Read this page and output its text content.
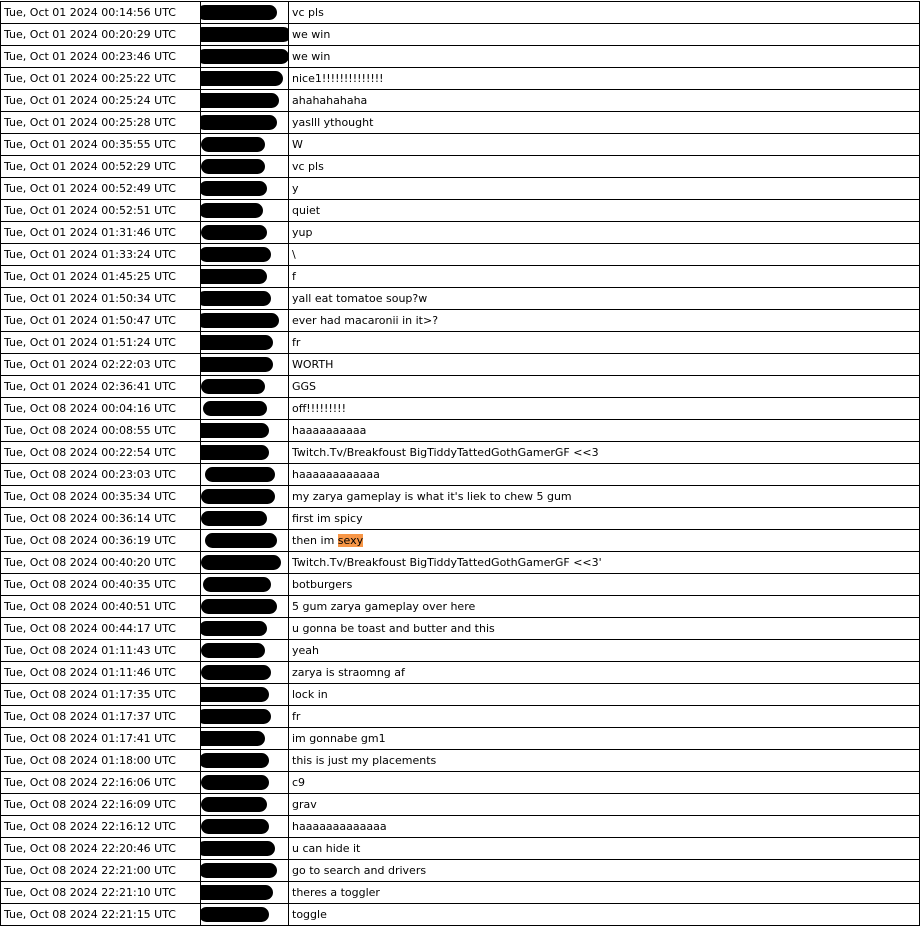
Tue, Oct 01 2024 00:14:56 UTC		vc pls
Tue, Oct 01 2024 00:20:29 UTC		we win
Tue, Oct 01 2024 00:23:46 UTC		we win
Tue, Oct 01 2024 00:25:22 UTC		nice1!!!!!!!!!!!!!!
Tue, Oct 01 2024 00:25:24 UTC		ahahahahaha
Tue, Oct 01 2024 00:25:28 UTC		yaslll ythought
Tue, Oct 01 2024 00:35:55 UTC		W
Tue, Oct 01 2024 00:52:29 UTC		vc pls
Tue, Oct 01 2024 00:52:49 UTC		y
Tue, Oct 01 2024 00:52:51 UTC		quiet
Tue, Oct 01 2024 01:31:46 UTC		yup
Tue, Oct 01 2024 01:33:24 UTC		\
Tue, Oct 01 2024 01:45:25 UTC		f
Tue, Oct 01 2024 01:50:34 UTC		yall eat tomatoe soup?w
Tue, Oct 01 2024 01:50:47 UTC		ever had macaronii in it>?
Tue, Oct 01 2024 01:51:24 UTC		fr
Tue, Oct 01 2024 02:22:03 UTC		WORTH
Tue, Oct 01 2024 02:36:41 UTC		GGS
Tue, Oct 08 2024 00:04:16 UTC		off!!!!!!!!!
Tue, Oct 08 2024 00:08:55 UTC		haaaaaaaaaa
Tue, Oct 08 2024 00:22:54 UTC		Twitch.Tv/Breakfoust BigTiddyTattedGothGamerGF <<3
Tue, Oct 08 2024 00:23:03 UTC		haaaaaaaaaaaa
Tue, Oct 08 2024 00:35:34 UTC		my zarya gameplay is what it's liek to chew 5 gum
Tue, Oct 08 2024 00:36:14 UTC		first im spicy
Tue, Oct 08 2024 00:36:19 UTC		then im sexy
Tue, Oct 08 2024 00:40:20 UTC		Twitch.Tv/Breakfoust BigTiddyTattedGothGamerGF <<3'
Tue, Oct 08 2024 00:40:35 UTC		botburgers
Tue, Oct 08 2024 00:40:51 UTC		5 gum zarya gameplay over here
Tue, Oct 08 2024 00:44:17 UTC		u gonna be toast and butter and this
Tue, Oct 08 2024 01:11:43 UTC		yeah
Tue, Oct 08 2024 01:11:46 UTC		zarya is straomng af
Tue, Oct 08 2024 01:17:35 UTC		lock in
Tue, Oct 08 2024 01:17:37 UTC		fr
Tue, Oct 08 2024 01:17:41 UTC		im gonnabe gm1
Tue, Oct 08 2024 01:18:00 UTC		this is just my placements
Tue, Oct 08 2024 22:16:06 UTC		c9
Tue, Oct 08 2024 22:16:09 UTC		grav
Tue, Oct 08 2024 22:16:12 UTC		haaaaaaaaaaaaa
Tue, Oct 08 2024 22:20:46 UTC		u can hide it
Tue, Oct 08 2024 22:21:00 UTC		go to search and drivers
Tue, Oct 08 2024 22:21:10 UTC		theres a toggler
Tue, Oct 08 2024 22:21:15 UTC		toggle
